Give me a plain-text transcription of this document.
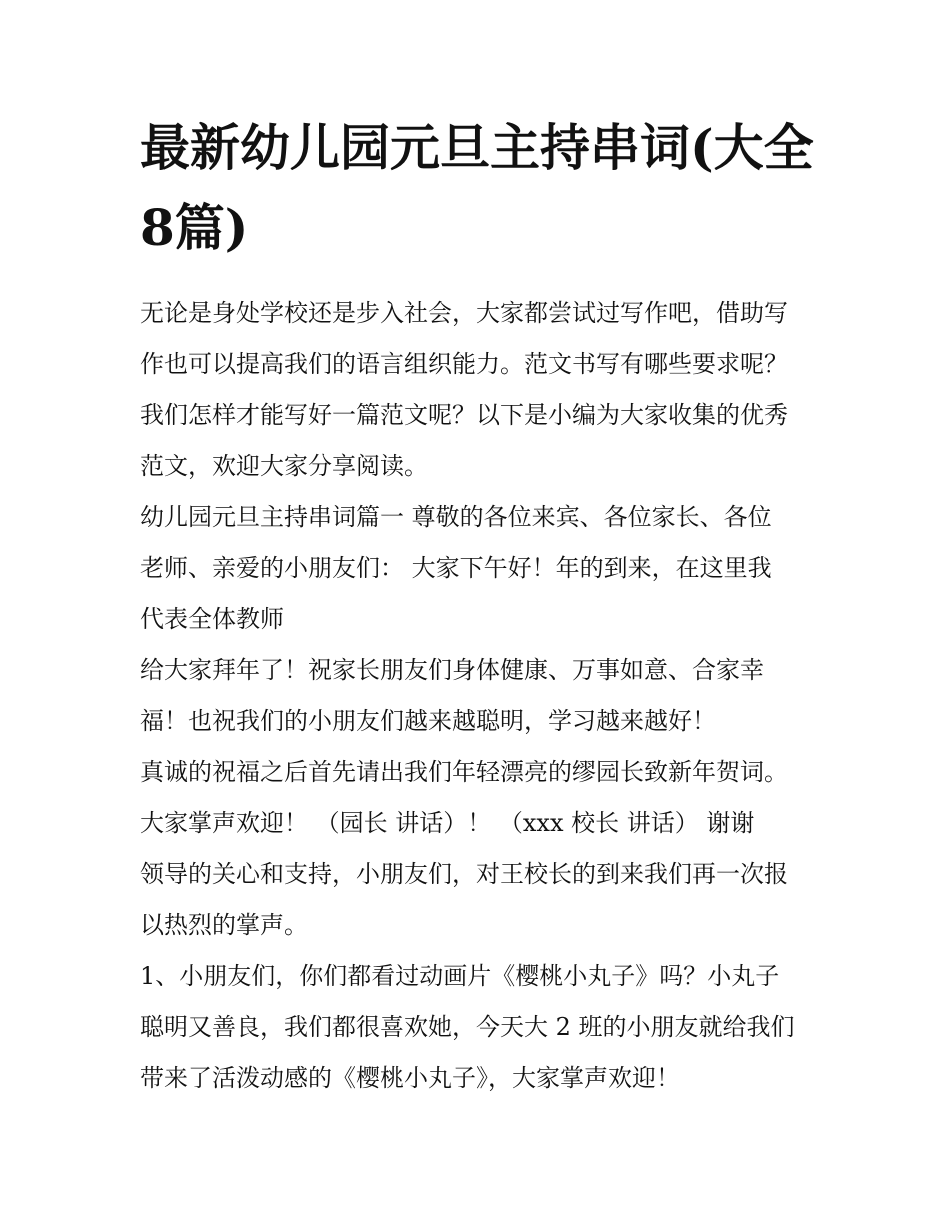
最新幼儿园元旦主持串词(大全
8篇)

无论是身处学校还是步入社会，大家都尝试过写作吧，借助写
作也可以提高我们的语言组织能力。范文书写有哪些要求呢？
我们怎样才能写好一篇范文呢？以下是小编为大家收集的优秀
范文，欢迎大家分享阅读。

幼儿园元旦主持串词篇一 尊敬的各位来宾、各位家长、各位
老师、亲爱的小朋友们： 大家下午好！年的到来，在这里我
代表全体教师

给大家拜年了！祝家长朋友们身体健康、万事如意、合家幸
福！也祝我们的小朋友们越来越聪明，学习越来越好！

真诚的祝福之后首先请出我们年轻漂亮的缪园长致新年贺词。

大家掌声欢迎！ （园长 讲话）！ （xxx 校长 讲话） 谢谢

领导的关心和支持，小朋友们，对王校长的到来我们再一次报
以热烈的掌声。

1、小朋友们，你们都看过动画片《樱桃小丸子》吗？小丸子
聪明又善良，我们都很喜欢她，今天大 2 班的小朋友就给我们
带来了活泼动感的《樱桃小丸子》，大家掌声欢迎！
